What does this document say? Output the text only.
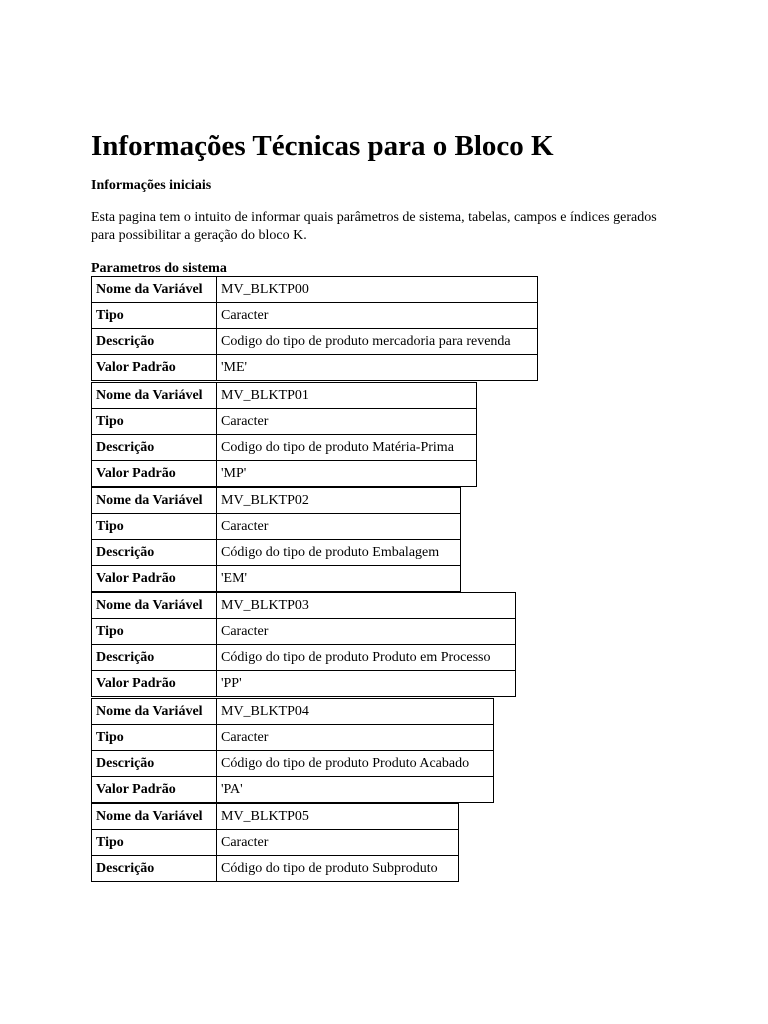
Informações Técnicas para o Bloco K
Informações iniciais

Esta pagina tem o intuito de informar quais parâmetros de sistema, tabelas, campos e índices gerados para possibilitar a geração do bloco K.

Parametros do sistema
Nome da Variável	MV_BLKTP00
Tipo	Caracter
Descrição	Codigo do tipo de produto mercadoria para revenda
Valor Padrão	'ME'
Nome da Variável	MV_BLKTP01
Tipo	Caracter
Descrição	Codigo do tipo de produto Matéria-Prima
Valor Padrão	'MP'
Nome da Variável	MV_BLKTP02
Tipo	Caracter
Descrição	Código do tipo de produto Embalagem
Valor Padrão	'EM'
Nome da Variável	MV_BLKTP03
Tipo	Caracter
Descrição	Código do tipo de produto Produto em Processo
Valor Padrão	'PP'
Nome da Variável	MV_BLKTP04
Tipo	Caracter
Descrição	Código do tipo de produto Produto Acabado
Valor Padrão	'PA'
Nome da Variável	MV_BLKTP05
Tipo	Caracter
Descrição	Código do tipo de produto Subproduto
